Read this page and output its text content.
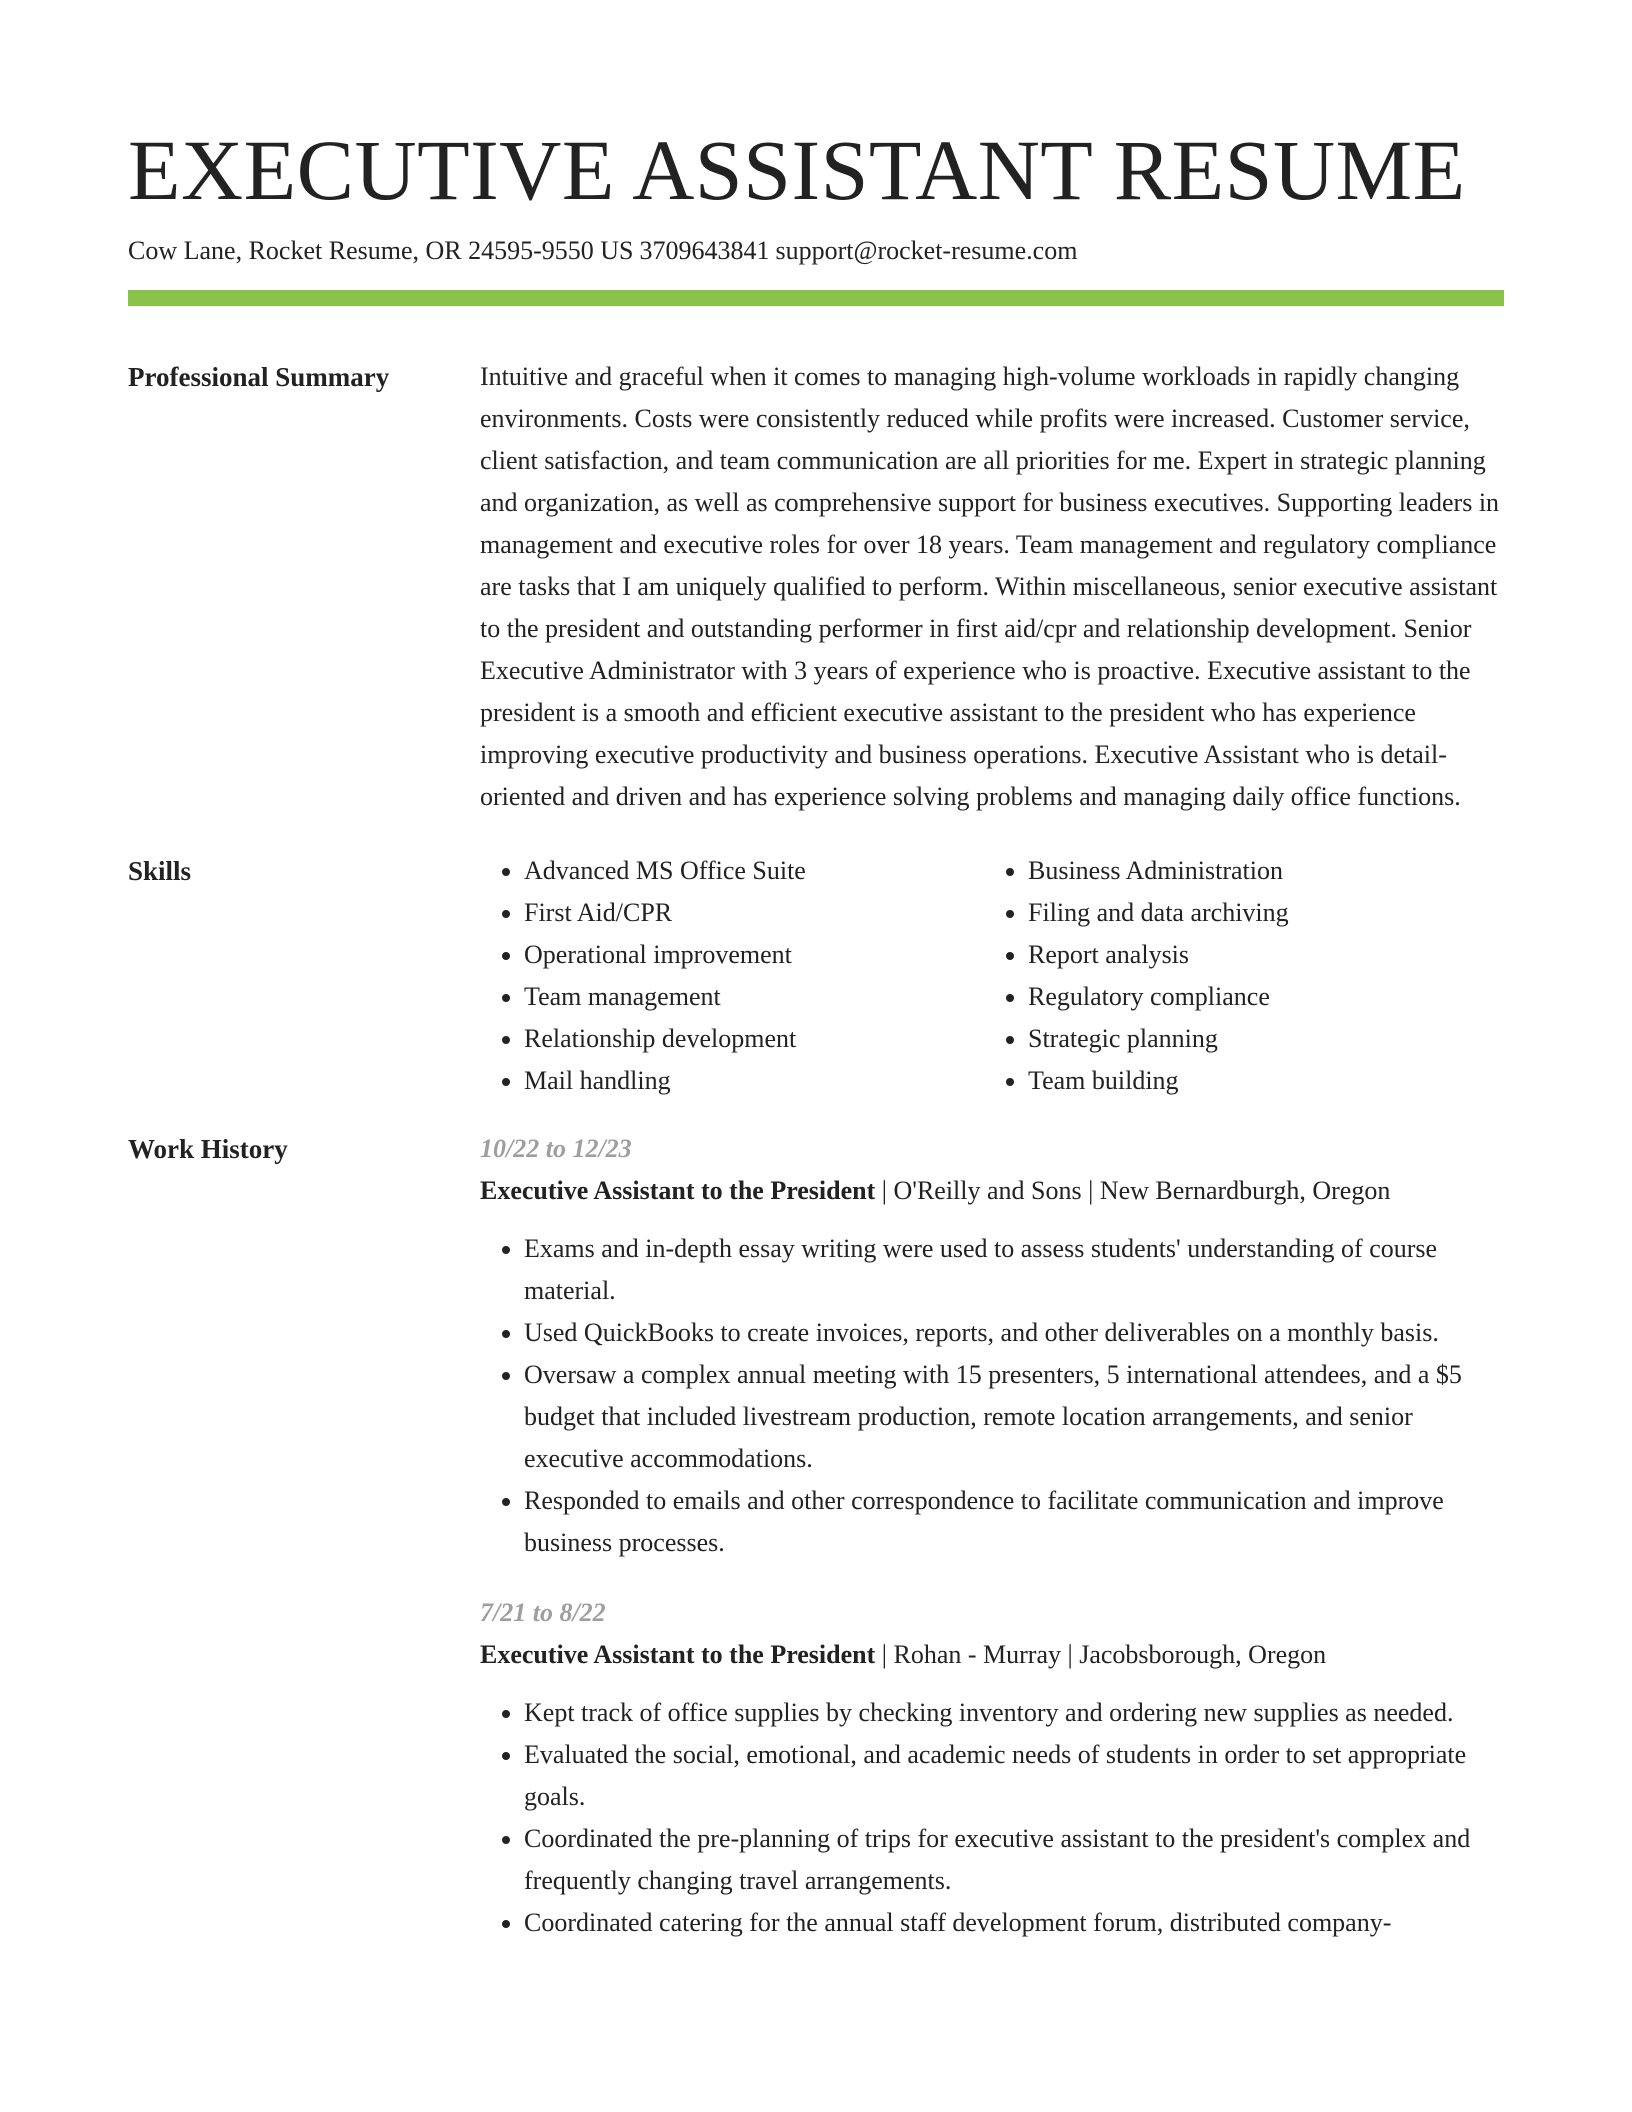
EXECUTIVE ASSISTANT RESUME
Cow Lane, Rocket Resume, OR 24595-9550 US 3709643841 support@rocket-resume.com
Professional Summary	Intuitive and graceful when it comes to managing high-volume workloads in rapidly changing environments. Costs were consistently reduced while profits were increased. Customer service, client satisfaction, and team communication are all priorities for me. Expert in strategic planning and organization, as well as comprehensive support for business executives. Supporting leaders in management and executive roles for over 18 years. Team management and regulatory compliance are tasks that I am uniquely qualified to perform. Within miscellaneous, senior executive assistant to the president and outstanding performer in first aid/cpr and relationship development. Senior Executive Administrator with 3 years of experience who is proactive. Executive assistant to the president is a smooth and efficient executive assistant to the president who has experience improving executive productivity and business operations. Executive Assistant who is detail-oriented and driven and has experience solving problems and managing daily office functions.

Skills
•	Advanced MS Office Suite
• First Aid/CPR
• Operational improvement
• Team management
• Relationship development
• Mail handling
• Business Administration
• Filing and data archiving
• Report analysis
• Regulatory compliance
• Strategic planning
• Team building
Work History	10/22 to 12/23
Executive Assistant to the President | O'Reilly and Sons | New Bernardburgh, Oregon
• Exams and in-depth essay writing were used to assess students' understanding of course material.
• Used QuickBooks to create invoices, reports, and other deliverables on a monthly basis.
• Oversaw a complex annual meeting with 15 presenters, 5 international attendees, and a $5 budget that included livestream production, remote location arrangements, and senior executive accommodations.
• Responded to emails and other correspondence to facilitate communication and improve business processes.
7/21 to 8/22
Executive Assistant to the President | Rohan - Murray | Jacobsborough, Oregon
• Kept track of office supplies by checking inventory and ordering new supplies as needed.
• Evaluated the social, emotional, and academic needs of students in order to set appropriate goals.
• Coordinated the pre-planning of trips for executive assistant to the president's complex and frequently changing travel arrangements.
• Coordinated catering for the annual staff development forum, distributed company-
